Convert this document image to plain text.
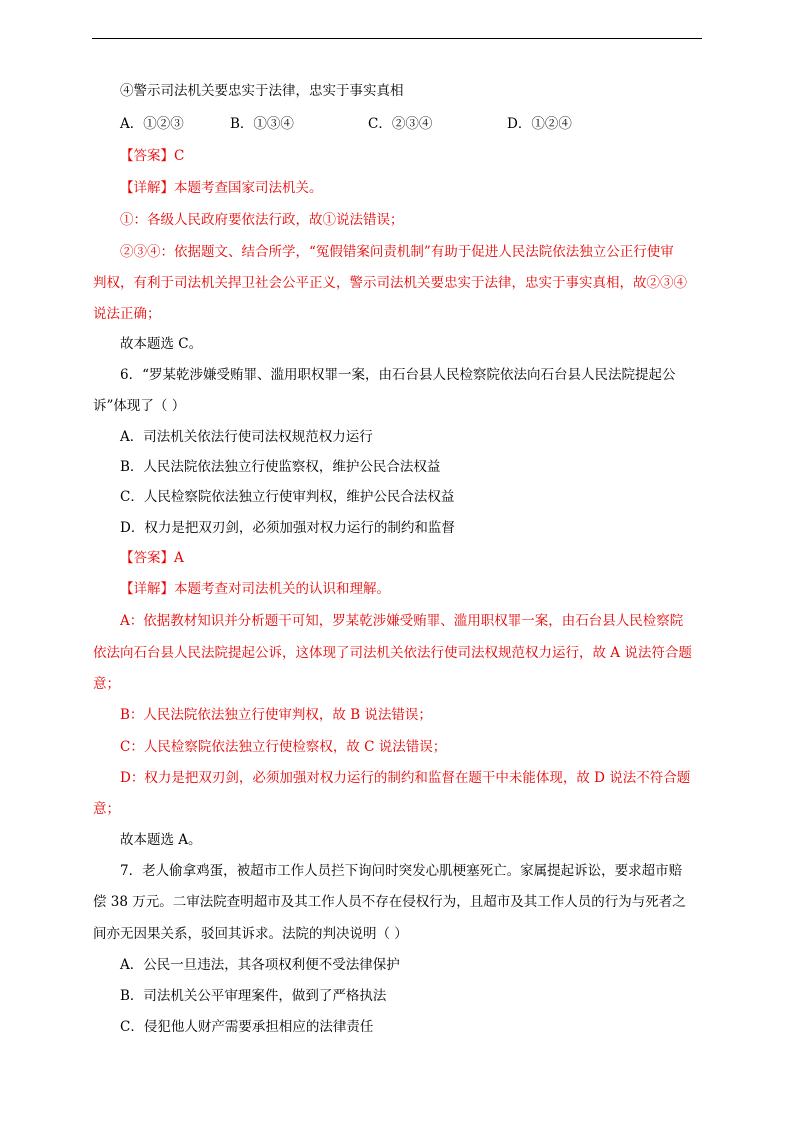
④警示司法机关要忠实于法律，忠实于事实真相
A．①②③	B．①③④	C．②③④	D．①②④
【答案】C
【详解】本题考查国家司法机关。
①：各级人民政府要依法行政，故①说法错误；
②③④：依据题文、结合所学，“冤假错案问责机制”有助于促进人民法院依法独立公正行使审
判权，有利于司法机关捍卫社会公平正义，警示司法机关要忠实于法律，忠实于事实真相，故②③④
说法正确；
故本题选 C。
6．“罗某乾涉嫌受贿罪、滥用职权罪一案，由石台县人民检察院依法向石台县人民法院提起公
诉”体现了（ ）
A．司法机关依法行使司法权规范权力运行
B．人民法院依法独立行使监察权，维护公民合法权益
C．人民检察院依法独立行使审判权，维护公民合法权益
D．权力是把双刃剑，必须加强对权力运行的制约和监督
【答案】A
【详解】本题考查对司法机关的认识和理解。
A：依据教材知识并分析题干可知，罗某乾涉嫌受贿罪、滥用职权罪一案，由石台县人民检察院
依法向石台县人民法院提起公诉，这体现了司法机关依法行使司法权规范权力运行，故 A 说法符合题
意；
B：人民法院依法独立行使审判权，故 B 说法错误；
C：人民检察院依法独立行使检察权，故 C 说法错误；
D：权力是把双刃剑，必须加强对权力运行的制约和监督在题干中未能体现，故 D 说法不符合题
意；
故本题选 A。
7．老人偷拿鸡蛋，被超市工作人员拦下询问时突发心肌梗塞死亡。家属提起诉讼，要求超市赔
偿 38 万元。二审法院查明超市及其工作人员不存在侵权行为，且超市及其工作人员的行为与死者之
间亦无因果关系，驳回其诉求。法院的判决说明（ ）
A．公民一旦违法，其各项权利便不受法律保护
B．司法机关公平审理案件，做到了严格执法
C．侵犯他人财产需要承担相应的法律责任
